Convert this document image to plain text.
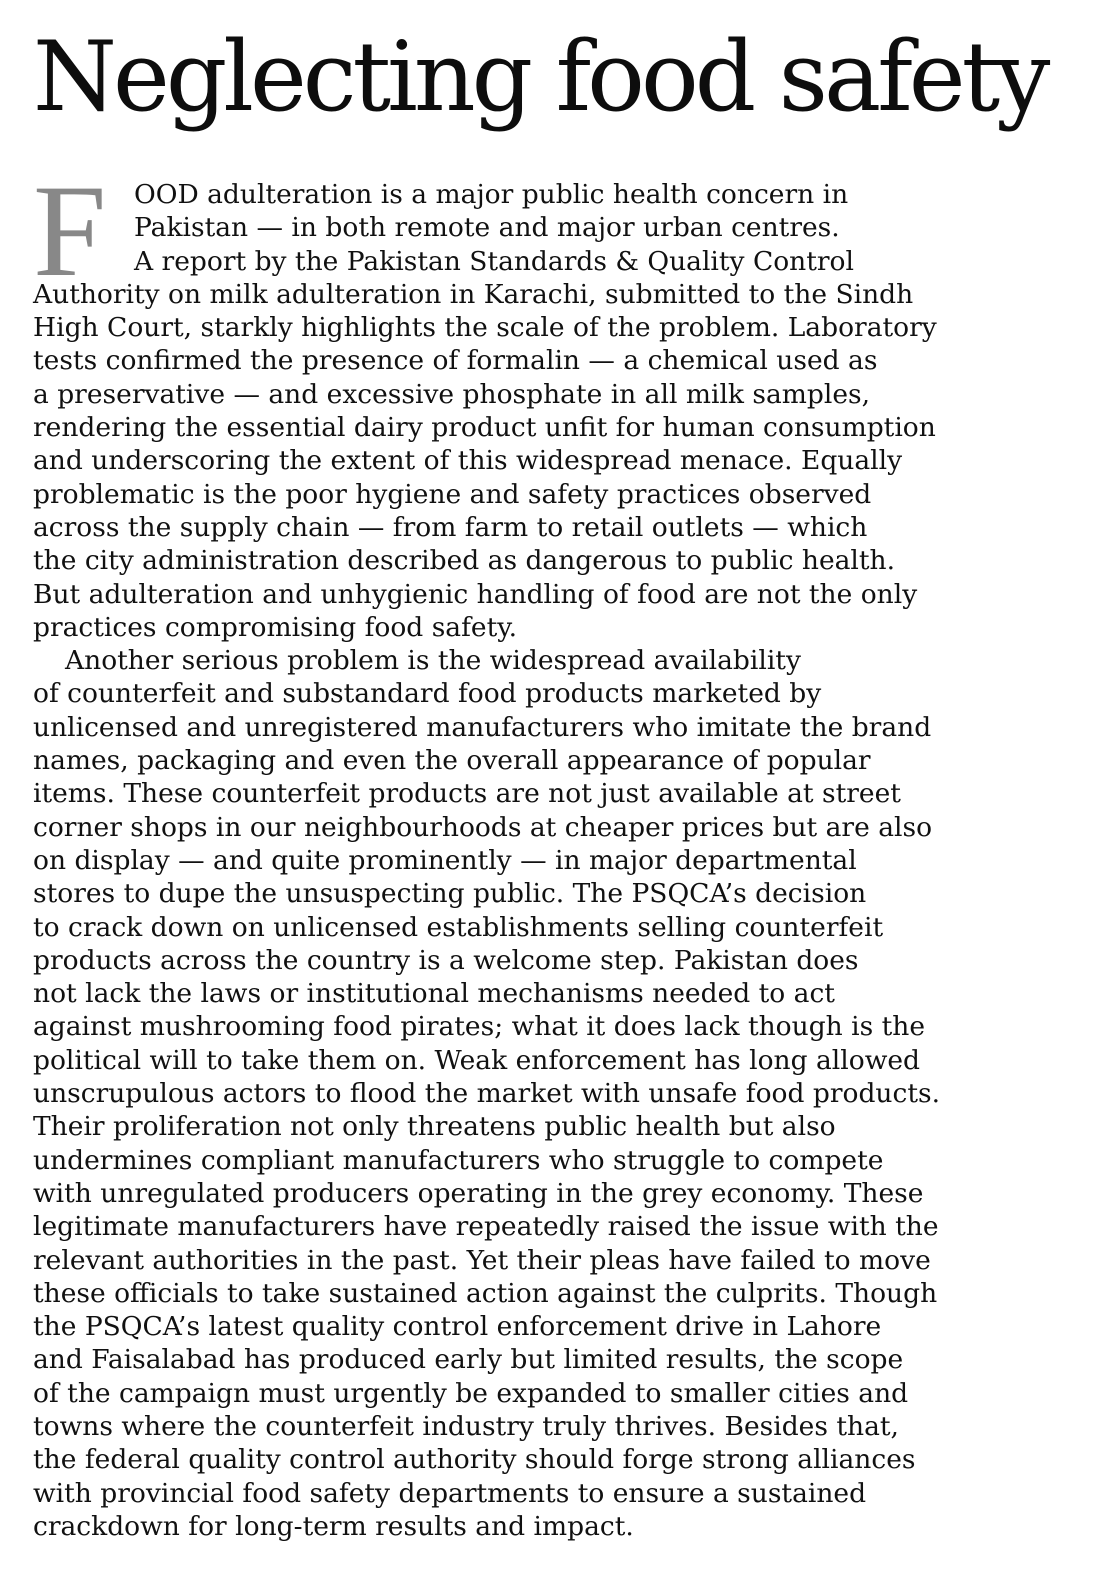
Neglecting food safety
F	OOD adulteration is a major public health concern in
Pakistan — in both remote and major urban centres.
A report by the Pakistan Standards & Quality Control
Authority on milk adulteration in Karachi, submitted to the Sindh
High Court, starkly highlights the scale of the problem. Laboratory
tests confirmed the presence of formalin — a chemical used as
a preservative — and excessive phosphate in all milk samples,
rendering the essential dairy product unfit for human consumption
and underscoring the extent of this widespread menace. Equally
problematic is the poor hygiene and safety practices observed
across the supply chain — from farm to retail outlets — which
the city administration described as dangerous to public health.
But adulteration and unhygienic handling of food are not the only
practices compromising food safety.

Another serious problem is the widespread availability
of counterfeit and substandard food products marketed by
unlicensed and unregistered manufacturers who imitate the brand
names, packaging and even the overall appearance of popular
items. These counterfeit products are not just available at street
corner shops in our neighbourhoods at cheaper prices but are also
on display — and quite prominently — in major departmental
stores to dupe the unsuspecting public. The PSQCA’s decision
to crack down on unlicensed establishments selling counterfeit
products across the country is a welcome step. Pakistan does
not lack the laws or institutional mechanisms needed to act
against mushrooming food pirates; what it does lack though is the
political will to take them on. Weak enforcement has long allowed
unscrupulous actors to flood the market with unsafe food products.
Their proliferation not only threatens public health but also
undermines compliant manufacturers who struggle to compete
with unregulated producers operating in the grey economy. These
legitimate manufacturers have repeatedly raised the issue with the
relevant authorities in the past. Yet their pleas have failed to move
these officials to take sustained action against the culprits. Though
the PSQCA’s latest quality control enforcement drive in Lahore
and Faisalabad has produced early but limited results, the scope
of the campaign must urgently be expanded to smaller cities and
towns where the counterfeit industry truly thrives. Besides that,
the federal quality control authority should forge strong alliances
with provincial food safety departments to ensure a sustained
crackdown for long-term results and impact.
